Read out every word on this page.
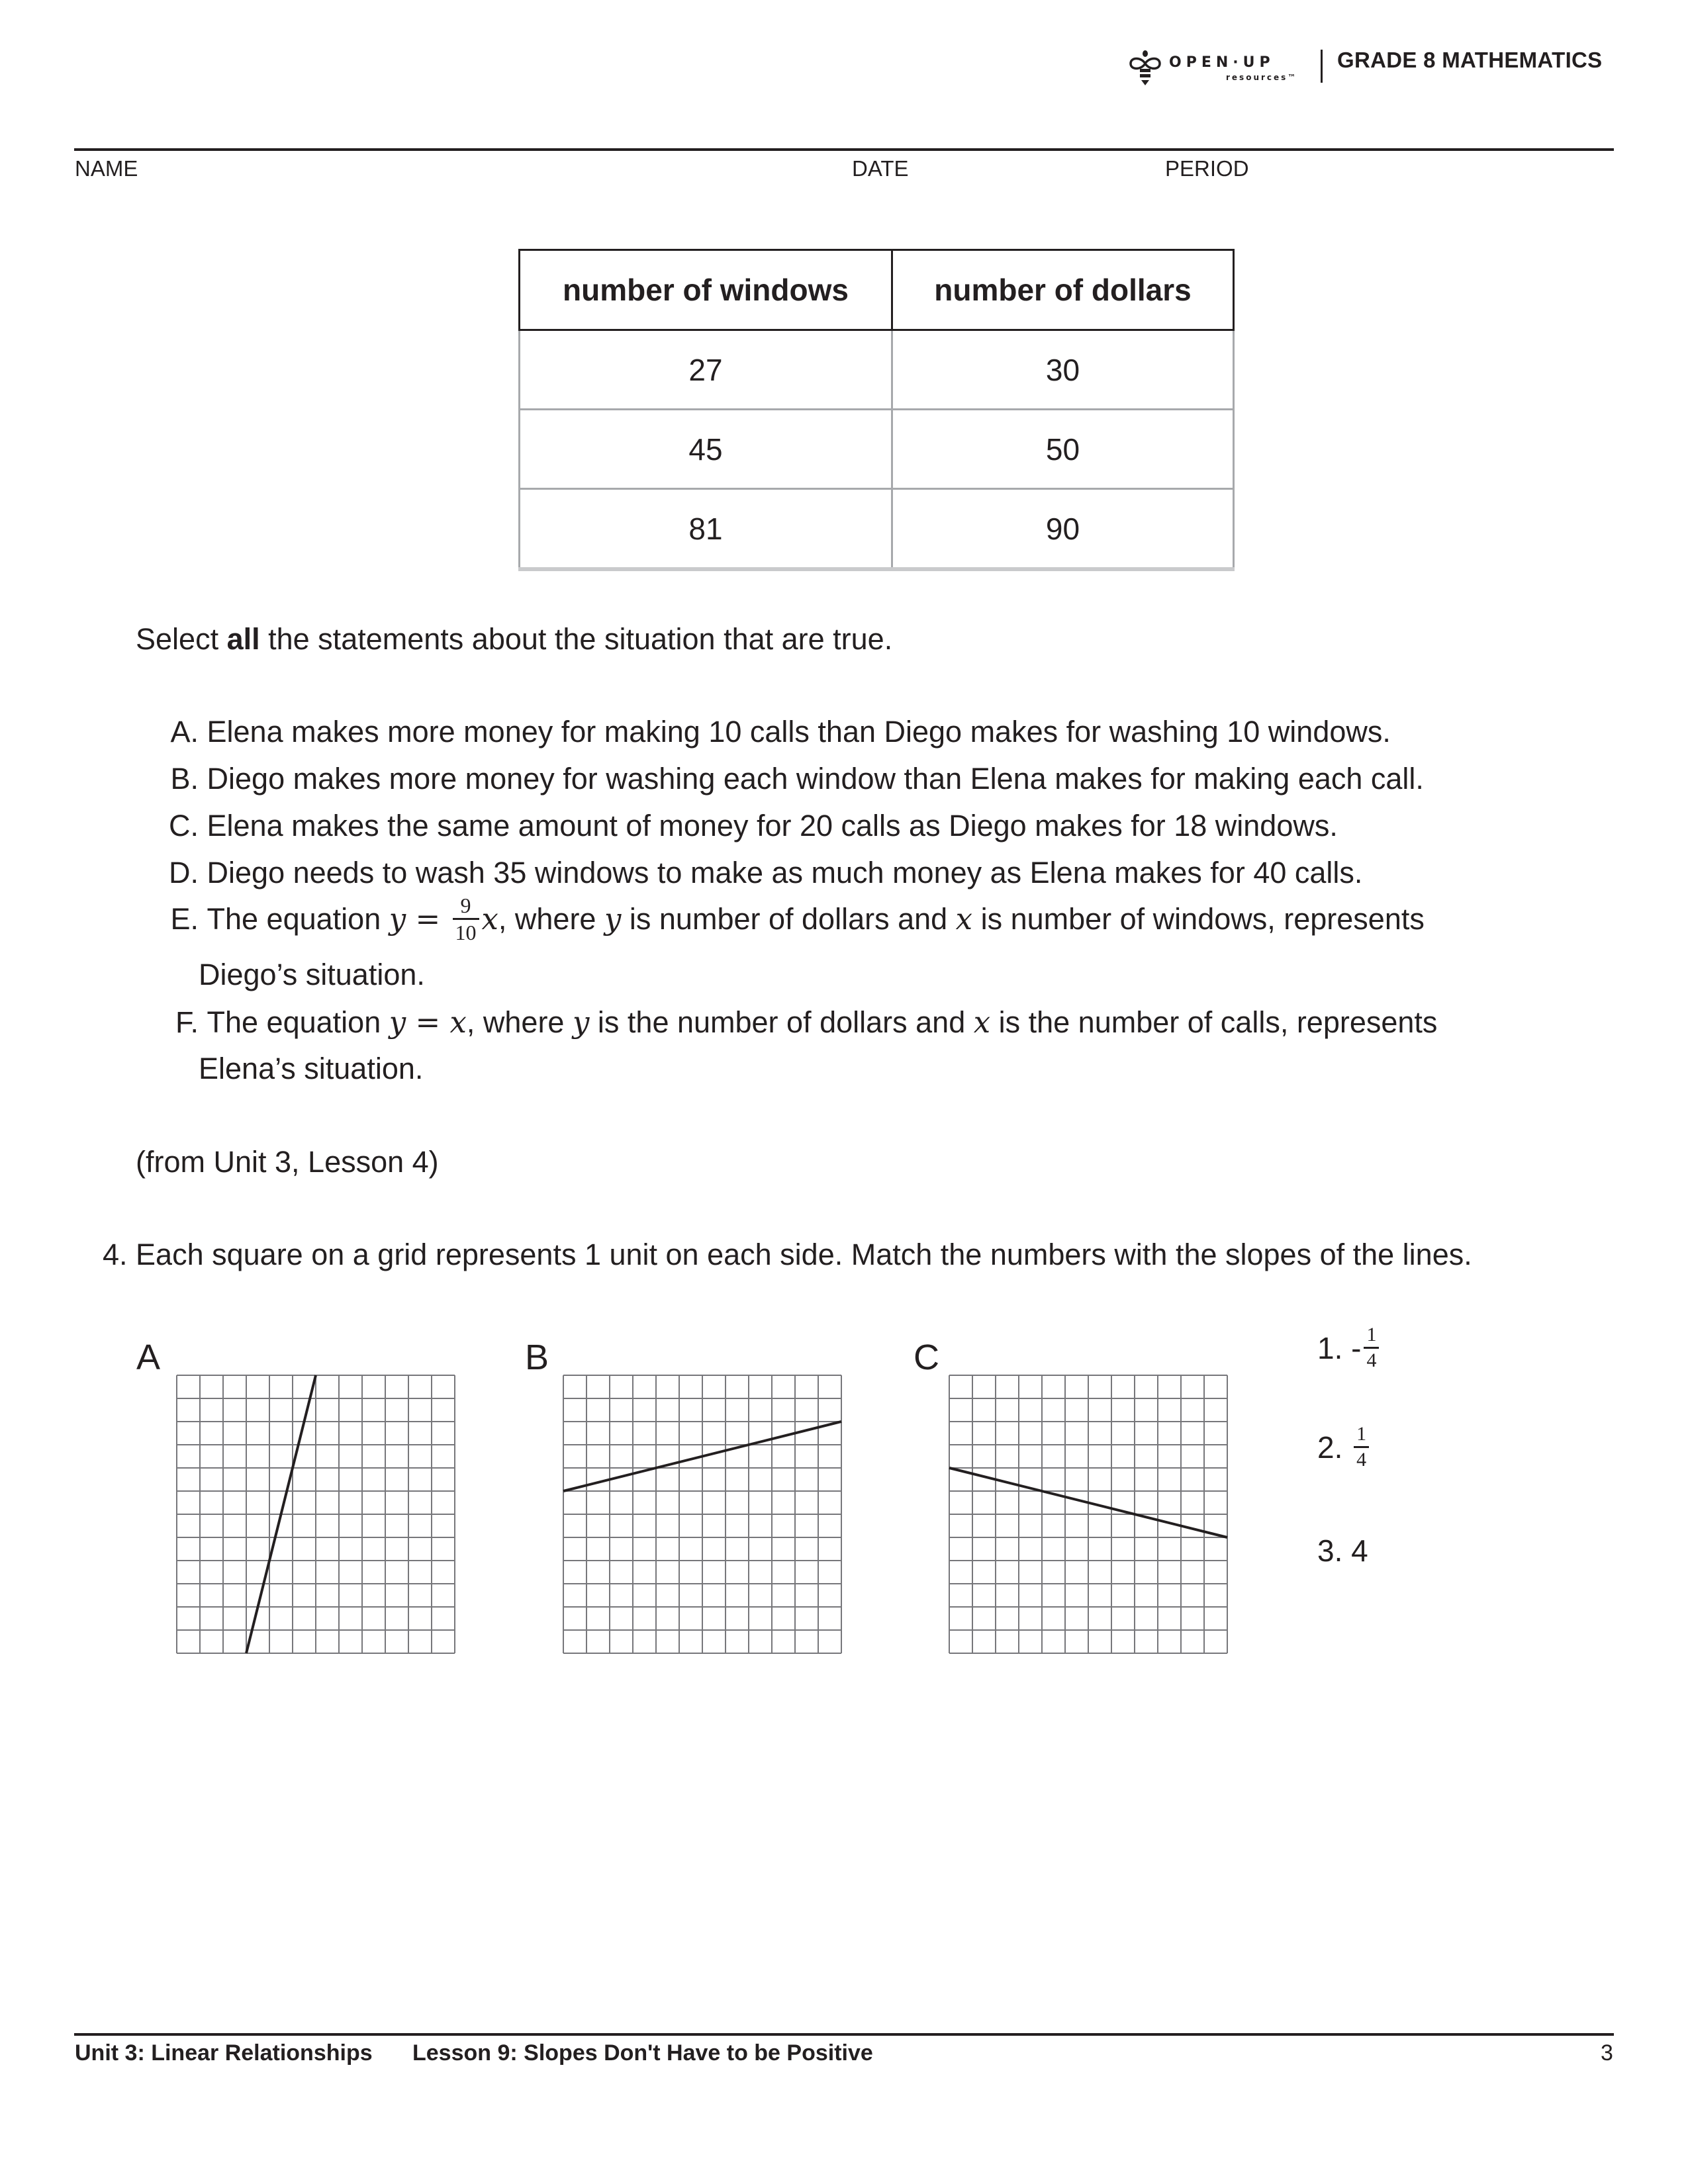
OPEN·UP
resources™
GRADE 8 MATHEMATICS
NAME	DATE	PERIOD
number of windows	number of dollars
27	30
45	50
81	90
Select all the statements about the situation that are true.
A. Elena makes more money for making 10 calls than Diego makes for washing 10 windows.
B. Diego makes more money for washing each window than Elena makes for making each call.
C. Elena makes the same amount of money for 20 calls as Diego makes for 18 windows.
D. Diego needs to wash 35 windows to make as much money as Elena makes for 40 calls.
E.
The equation $y = \frac{9}{10}$ x , where y is number of dollars and x is number of windows, represents
Diego’s situation.
F. The equation y = x, where y is the number of dollars and x is the number of calls, represents
Elena’s situation.
(from Unit 3, Lesson 4)
4. Each square on a grid represents 1 unit on each side. Match the numbers with the slopes of the lines.
A	B	C	1.
- $\frac{1}{4}$
2.
$\frac{1}{4}$
3.
4
Unit 3: Linear Relationships Lesson 9: Slopes Don't Have to be Positive	3
